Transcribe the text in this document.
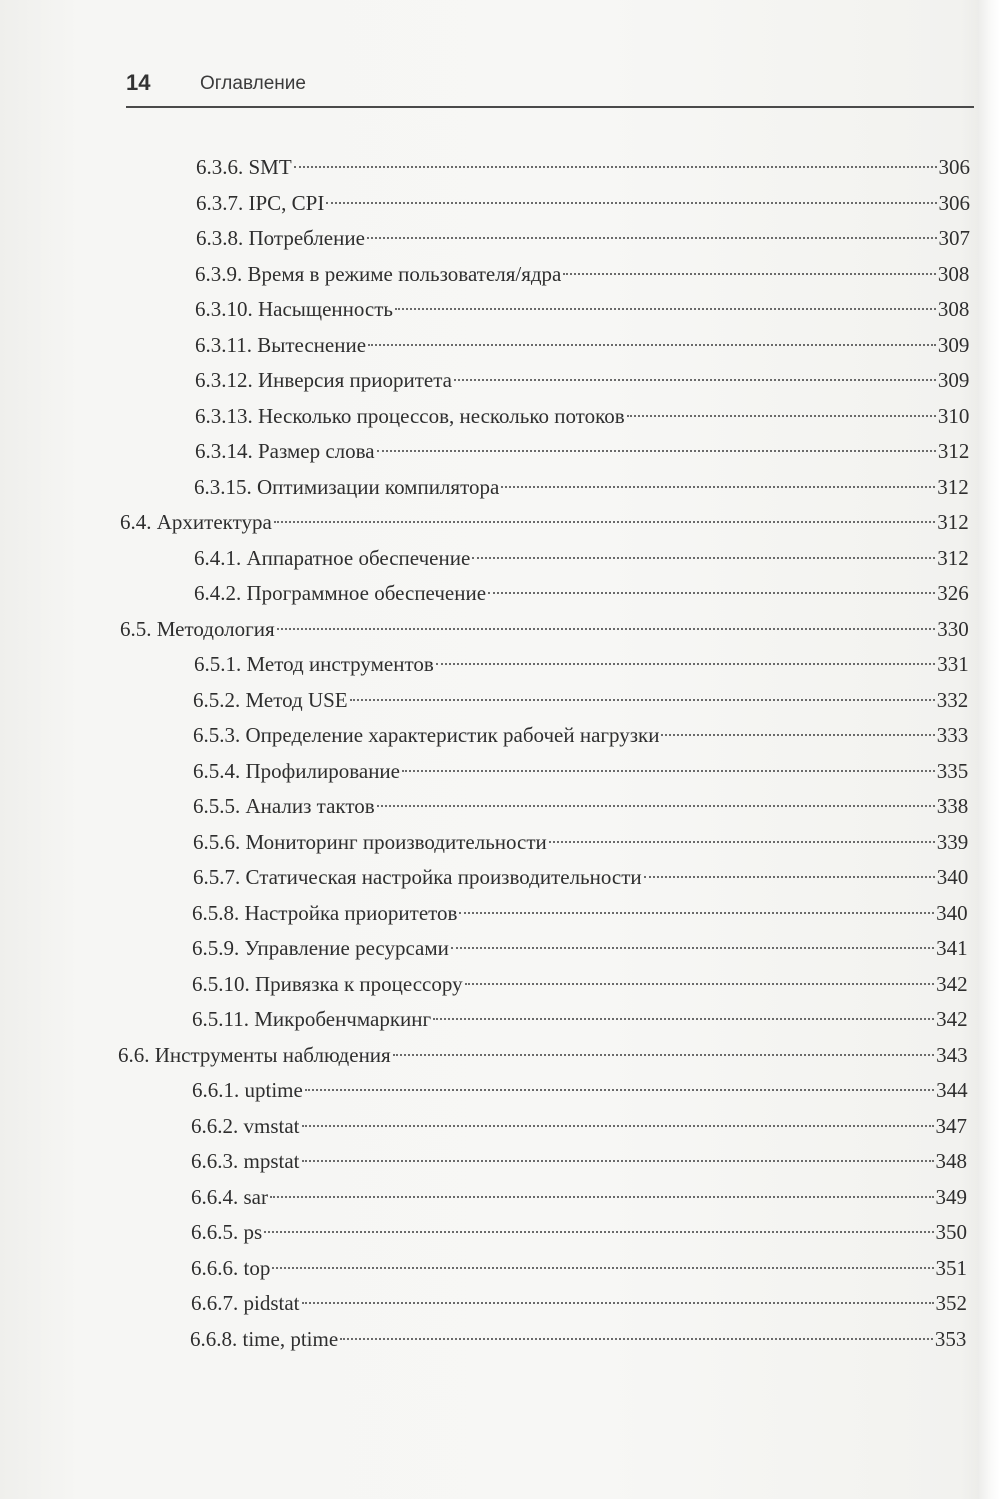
14	Оглавление
6.3.6. SMT	306
6.3.7. IPC, CPI	306
6.3.8. Потребление	307
6.3.9. Время в режиме пользователя/ядра	308
6.3.10. Насыщенность	308
6.3.11. Вытеснение	309
6.3.12. Инверсия приоритета	309
6.3.13. Несколько процессов, несколько потоков	310
6.3.14. Размер слова	312
6.3.15. Оптимизации компилятора	312
6.4. Архитектура	312
6.4.1. Аппаратное обеспечение	312
6.4.2. Программное обеспечение	326
6.5. Методология	330
6.5.1. Метод инструментов	331
6.5.2. Метод USE	332
6.5.3. Определение характеристик рабочей нагрузки	333
6.5.4. Профилирование	335
6.5.5. Анализ тактов	338
6.5.6. Мониторинг производительности	339
6.5.7. Статическая настройка производительности	340
6.5.8. Настройка приоритетов	340
6.5.9. Управление ресурсами	341
6.5.10. Привязка к процессору	342
6.5.11. Микробенчмаркинг	342
6.6. Инструменты наблюдения	343
6.6.1. uptime	344
6.6.2. vmstat	347
6.6.3. mpstat	348
6.6.4. sar	349
6.6.5. ps	350
6.6.6. top	351
6.6.7. pidstat	352
6.6.8. time, ptime	353
